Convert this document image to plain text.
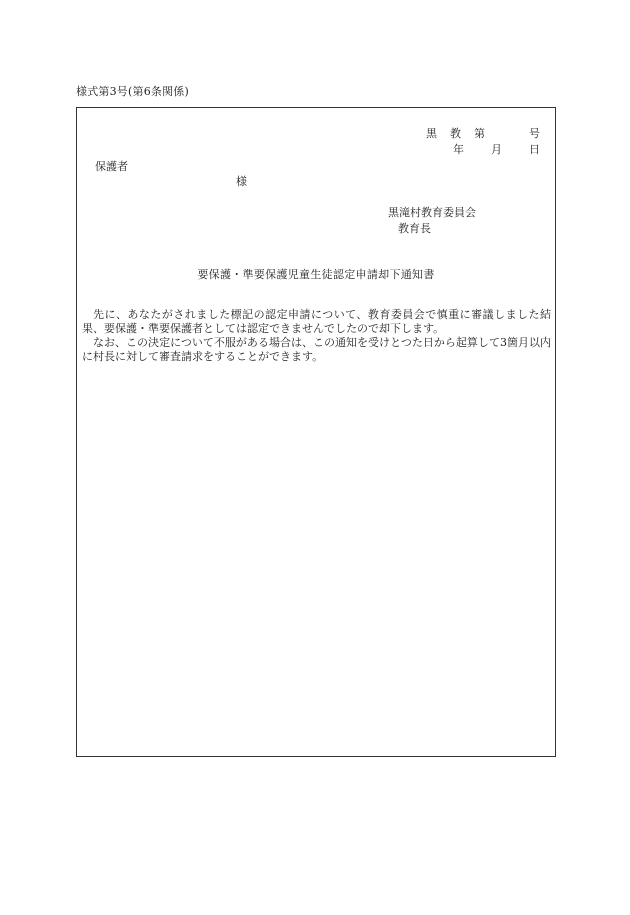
様式第3号(第6条関係)
黒 教 第	号
年 月 日
保護者
様
黒滝村教育委員会
教育長
要保護・準要保護児童生徒認定申請却下通知書

先に、あなたがされました標記の認定申請について、教育委員会で慎重に審議しました結果、要保護・準要保護者としては認定できませんでしたので却下します。

なお、この決定について不服がある場合は、この通知を受けとつた日から起算して3箇月以内に村長に対して審査請求をすることができます。
